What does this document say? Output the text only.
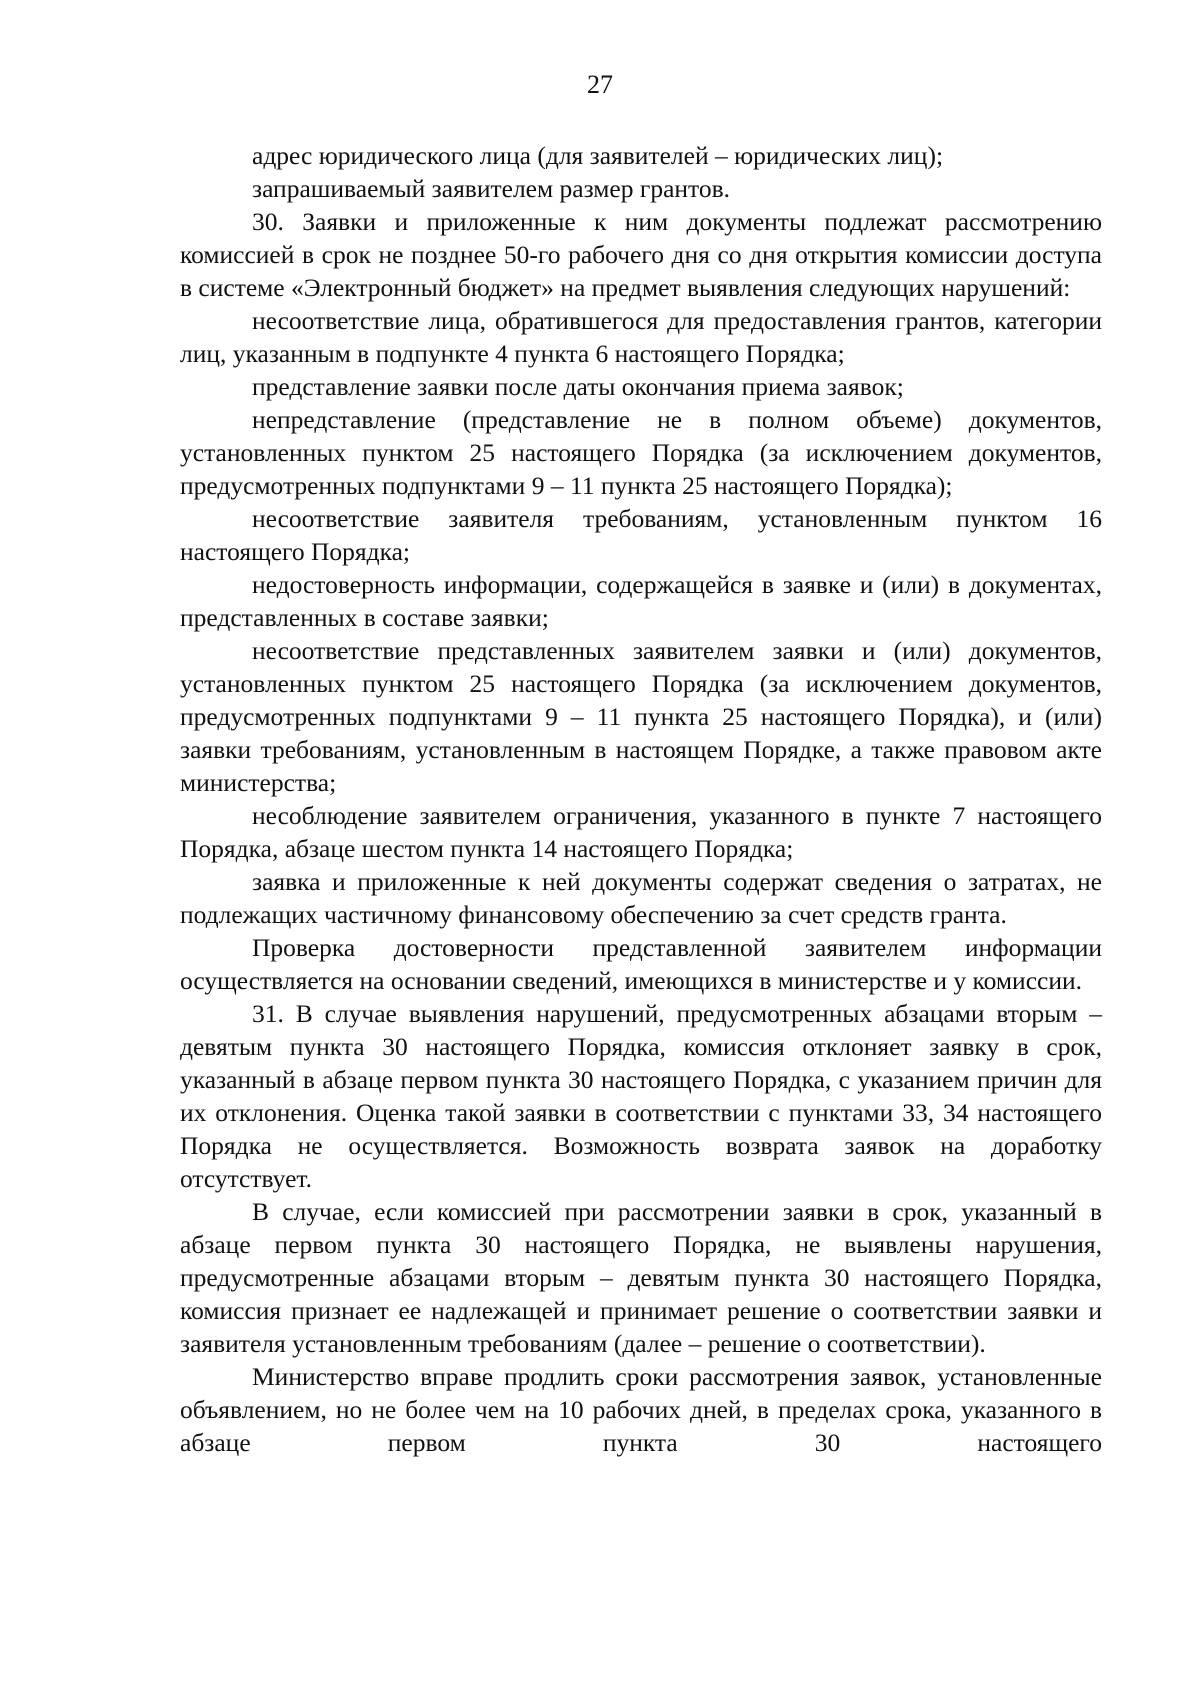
27

адрес юридического лица (для заявителей – юридических лиц);

запрашиваемый заявителем размер грантов.

30. Заявки и приложенные к ним документы подлежат рассмотрению комиссией в срок не позднее 50-го рабочего дня со дня открытия комиссии доступа в системе «Электронный бюджет» на предмет выявления следующих нарушений:

несоответствие лица, обратившегося для предоставления грантов, категории лиц, указанным в подпункте 4 пункта 6 настоящего Порядка;

представление заявки после даты окончания приема заявок;

непредставление (представление не в полном объеме) документов, установленных пунктом 25 настоящего Порядка (за исключением документов, предусмотренных подпунктами 9 – 11 пункта 25 настоящего Порядка);

несоответствие заявителя требованиям, установленным пунктом 16 настоящего Порядка;

недостоверность информации, содержащейся в заявке и (или) в документах, представленных в составе заявки;

несоответствие представленных заявителем заявки и (или) документов, установленных пунктом 25 настоящего Порядка (за исключением документов, предусмотренных подпунктами 9 – 11 пункта 25 настоящего Порядка), и (или) заявки требованиям, установленным в настоящем Порядке, а также правовом акте министерства;

несоблюдение заявителем ограничения, указанного в пункте 7 настоящего Порядка, абзаце шестом пункта 14 настоящего Порядка;

заявка и приложенные к ней документы содержат сведения о затратах, не подлежащих частичному финансовому обеспечению за счет средств гранта.

Проверка достоверности представленной заявителем информации осуществляется на основании сведений, имеющихся в министерстве и у комиссии.

31. В случае выявления нарушений, предусмотренных абзацами вторым – девятым пункта 30 настоящего Порядка, комиссия отклоняет заявку в срок, указанный в абзаце первом пункта 30 настоящего Порядка, с указанием причин для их отклонения. Оценка такой заявки в соответствии с пунктами 33, 34 настоящего Порядка не осуществляется. Возможность возврата заявок на доработку отсутствует.

В случае, если комиссией при рассмотрении заявки в срок, указанный в абзаце первом пункта 30 настоящего Порядка, не выявлены нарушения, предусмотренные абзацами вторым – девятым пункта 30 настоящего Порядка, комиссия признает ее надлежащей и принимает решение о соответствии заявки и заявителя установленным требованиям (далее – решение о соответствии).

Министерство вправе продлить сроки рассмотрения заявок, установленные объявлением, но не более чем на 10 рабочих дней, в пределах срока, указанного в абзаце первом пункта 30 настоящего
